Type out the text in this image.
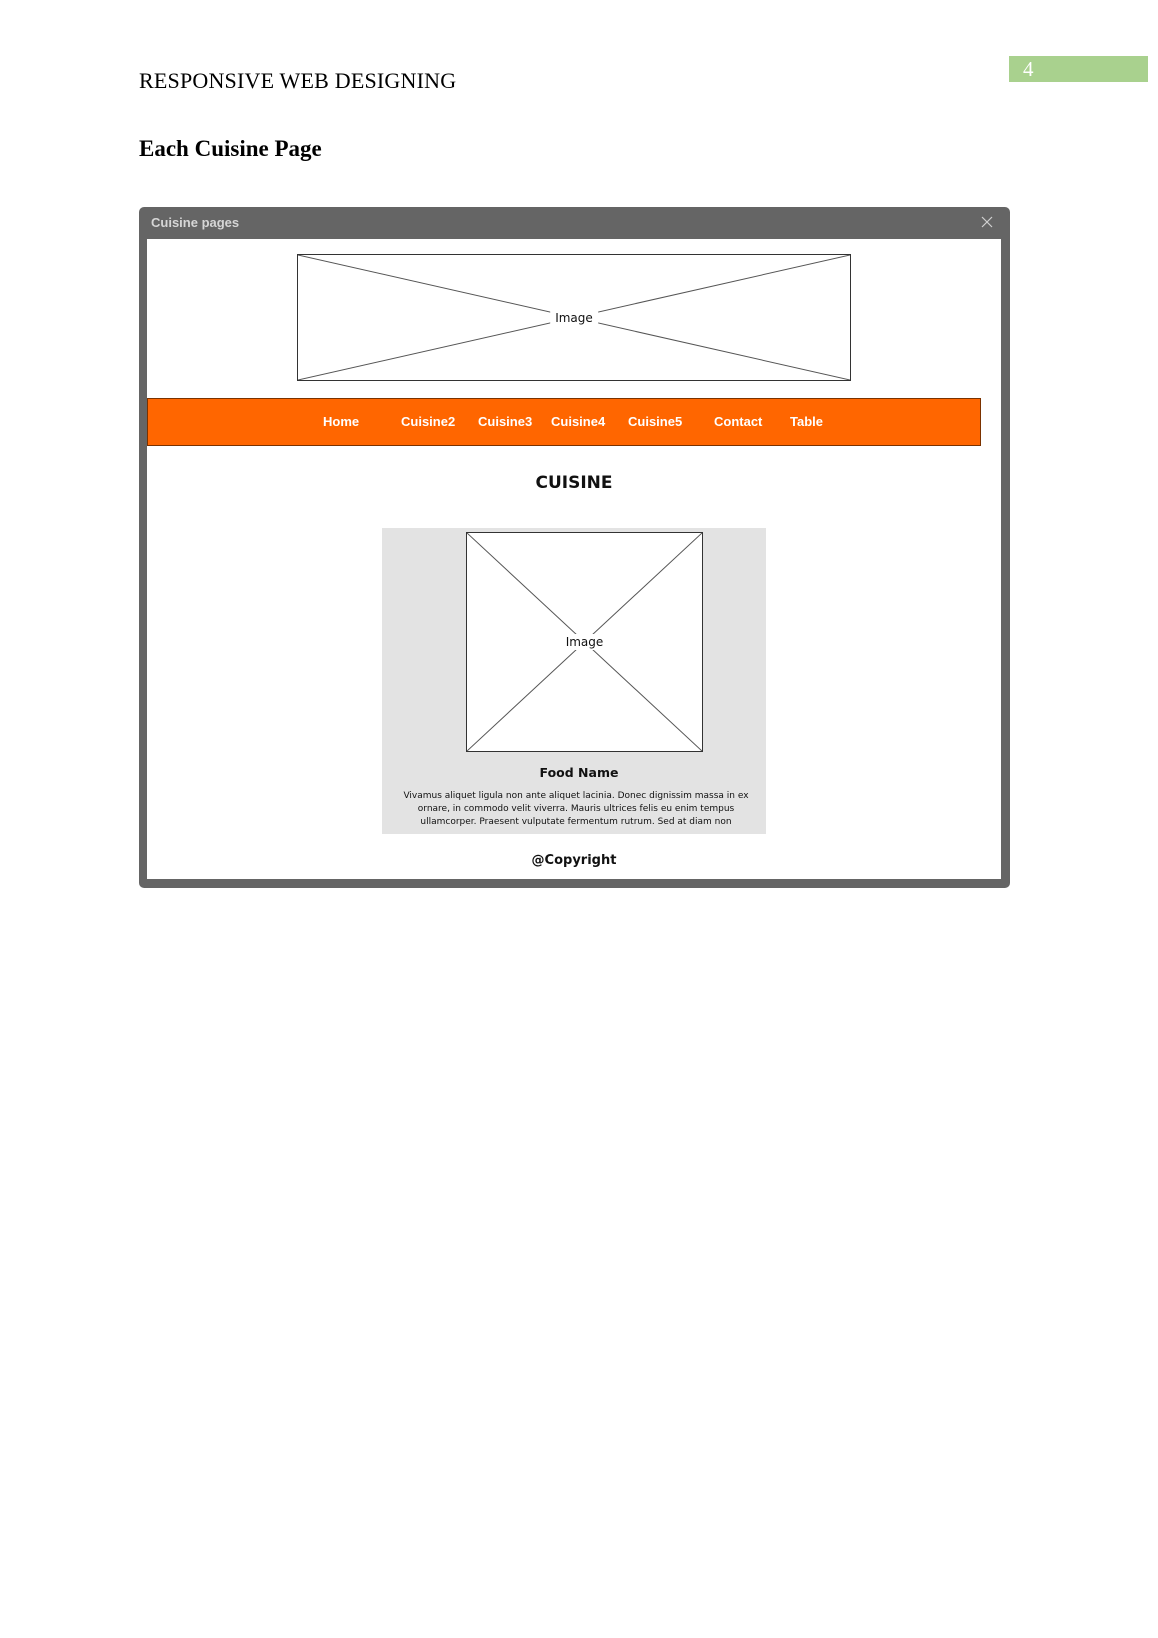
RESPONSIVE WEB DESIGNING	4
Each Cuisine Page
Cuisine pages
Image
Home	Cuisine2 Cuisine3 Cuisine4 Cuisine5 Contact Table
CUISINE
Image
Food Name
Vivamus aliquet ligula non ante aliquet lacinia. Donec dignissim massa in ex
ornare, in commodo velit viverra. Mauris ultrices felis eu enim tempus
ullamcorper. Praesent vulputate fermentum rutrum. Sed at diam non
@Copyright
